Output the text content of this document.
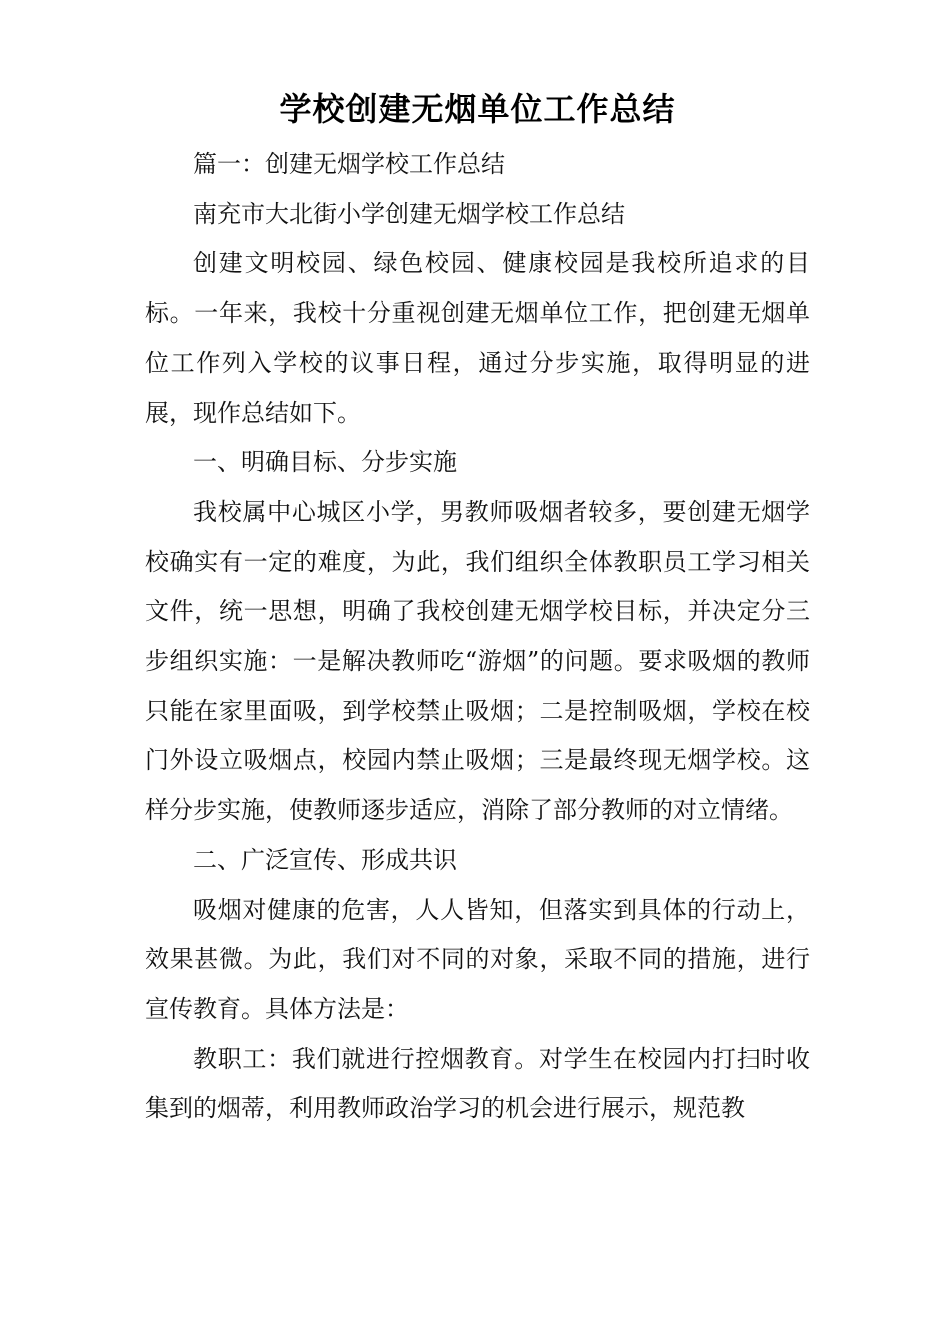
学校创建无烟单位工作总结

篇一：创建无烟学校工作总结

南充市大北街小学创建无烟学校工作总结

创建文明校园、绿色校园、健康校园是我校所追求的目标。一年来，我校十分重视创建无烟单位工作，把创建无烟单位工作列入学校的议事日程，通过分步实施，取得明显的进展，现作总结如下。

一、明确目标、分步实施

我校属中心城区小学，男教师吸烟者较多，要创建无烟学校确实有一定的难度，为此，我们组织全体教职员工学习相关文件，统一思想，明确了我校创建无烟学校目标，并决定分三步组织实施：一是解决教师吃“游烟”的问题。要求吸烟的教师只能在家里面吸，到学校禁止吸烟；二是控制吸烟，学校在校门外设立吸烟点，校园内禁止吸烟；三是最终现无烟学校。这样分步实施，使教师逐步适应，消除了部分教师的对立情绪。

二、广泛宣传、形成共识

吸烟对健康的危害，人人皆知，但落实到具体的行动上，效果甚微。为此，我们对不同的对象，采取不同的措施，进行宣传教育。具体方法是：

教职工：我们就进行控烟教育。对学生在校园内打扫时收集到的烟蒂，利用教师政治学习的机会进行展示，规范教
